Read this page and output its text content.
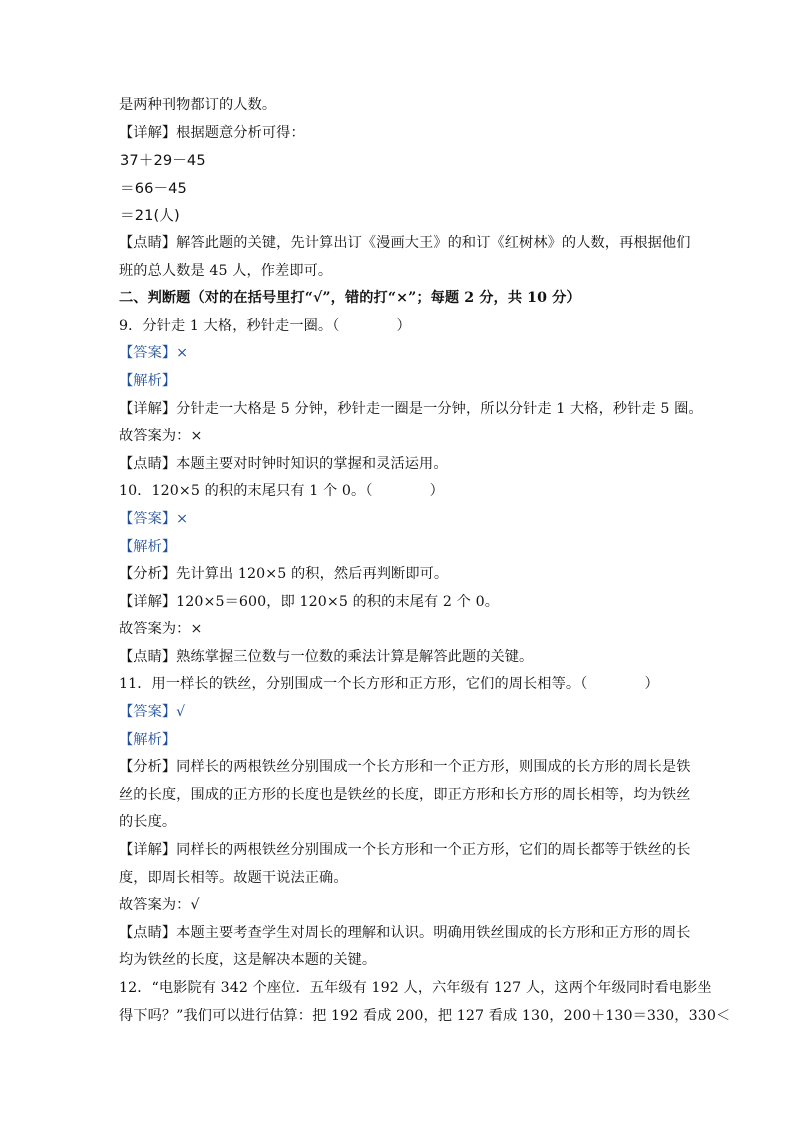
是两种刊物都订的人数。
【详解】根据题意分析可得：
37＋29－45
＝66－45
＝21(人)
【点睛】解答此题的关键，先计算出订《漫画大王》的和订《红树林》的人数，再根据他们
班的总人数是 45 人，作差即可。
二、判断题（对的在括号里打“√”，错的打“×”；每题 2 分，共 10 分）
9．分针走 1 大格，秒针走一圈。（　　　　）
【答案】×
【解析】
【详解】分针走一大格是 5 分钟，秒针走一圈是一分钟，所以分针走 1 大格，秒针走 5 圈。
故答案为：×
【点睛】本题主要对时钟时知识的掌握和灵活运用。
10．120×5 的积的末尾只有 1 个 0。（　　　　）
【答案】×
【解析】
【分析】先计算出 120×5 的积，然后再判断即可。
【详解】120×5＝600，即 120×5 的积的末尾有 2 个 0。
故答案为：×
【点睛】熟练掌握三位数与一位数的乘法计算是解答此题的关键。
11．用一样长的铁丝，分别围成一个长方形和正方形，它们的周长相等。（　　　　）
【答案】√
【解析】
【分析】同样长的两根铁丝分别围成一个长方形和一个正方形，则围成的长方形的周长是铁
丝的长度，围成的正方形的长度也是铁丝的长度，即正方形和长方形的周长相等，均为铁丝
的长度。
【详解】同样长的两根铁丝分别围成一个长方形和一个正方形，它们的周长都等于铁丝的长
度，即周长相等。故题干说法正确。
故答案为：√
【点睛】本题主要考查学生对周长的理解和认识。明确用铁丝围成的长方形和正方形的周长
均为铁丝的长度，这是解决本题的关键。
12．“电影院有 342 个座位．五年级有 192 人，六年级有 127 人，这两个年级同时看电影坐
得下吗？”我们可以进行估算：把 192 看成 200，把 127 看成 130，200＋130＝330，330＜
